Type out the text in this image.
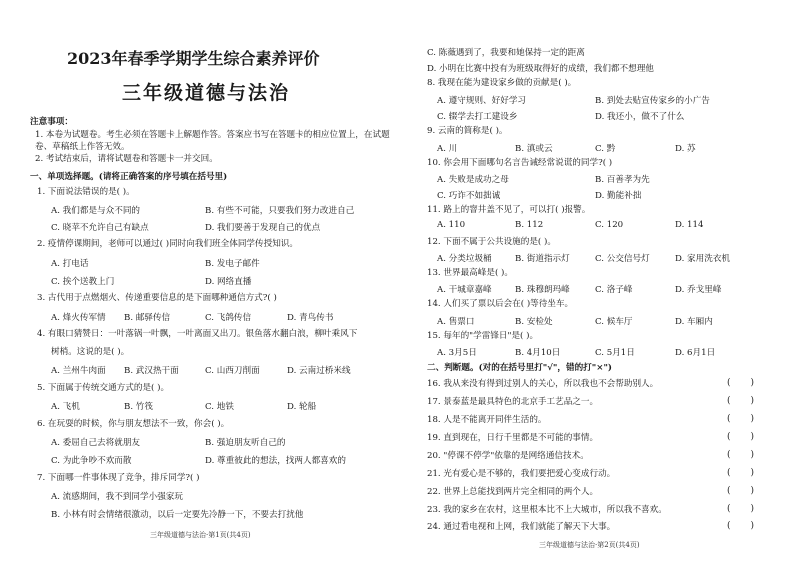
2023年春季学期学生综合素养评价
三年级道德与法治
注意事项：
1. 本卷为试题卷。考生必须在答题卡上解题作答。答案应书写在答题卡的相应位置上，在试题
卷、草稿纸上作答无效。
2. 考试结束后，请将试题卷和答题卡一并交回。
一、单项选择题。(请将正确答案的序号填在括号里)
1. 下面说法错误的是( )。
A. 我们都是与众不同的	B. 有些不可能，只要我们努力改进自己
C. 晓苹不允许自己有缺点	D. 我们要善于发现自己的优点
2. 疫情停课期间，老师可以通过( )同时向我们班全体同学传授知识。
A. 打电话	B. 发电子邮件
C. 挨个送教上门	D. 网络直播
3. 古代用于点燃烟火、传递重要信息的是下面哪种通信方式?( )
A. 烽火传军情 B. 邮驿传信	C. 飞鸽传信	D. 青鸟传书
4. 有眼口猜赞日：一叶落锅一叶飘，一叶离面又出刀。银鱼落水翻白浪，柳叶乘风下
树梢。这说的是( )。
A. 兰州牛肉面 B. 武汉热干面	C. 山西刀削面	D. 云南过桥米线
5. 下面属于传统交通方式的是( )。
A. 飞机	B. 竹筏	C. 地铁	D. 轮船
6. 在玩耍的时候，你与朋友想法不一致，你会( )。
A. 委屈自己去将就朋友	B. 强迫朋友听自己的
C. 为此争吵不欢而散	D. 尊重彼此的想法，找两人都喜欢的
7. 下面哪一件事体现了竞争，排斥同学?( )
A. 流感期间，我不到同学小强家玩
B. 小林有时会情绪很激动，以后一定要先冷静一下，不要去打扰他
三年级道德与法治·第1页(共4页)
C. 陈薇遇到了，我要和她保持一定的距离
D. 小明在比赛中投有为班级取得好的成绩，我们都不想理他
8. 我现在能为建设家乡做的贡献是( )。
A. 遵守规则、好好学习	B. 到处去贴宣传家乡的小广告
C. 辍学去打工建设乡	D. 我还小，做不了什么
9. 云南的简称是( )。
A. 川	B. 滇或云	C. 黔	D. 苏
10. 你会用下面哪句名言告诫经常说谎的同学?( )
A. 失败是成功之母	B. 百善孝为先
C. 巧诈不如拙诚	D. 勤能补拙
11. 路上的窨井盖不见了，可以打( )报警。
A. 110	B. 112	C. 120	D. 114
12. 下面不属于公共设施的是( )。
A. 分类垃圾桶	B. 街道指示灯	C. 公交信号灯	D. 家用洗衣机
13. 世界最高峰是( )。
A. 干城章嘉峰	B. 珠穆朗玛峰	C. 洛子峰	D. 乔戈里峰
14. 人们买了票以后会在( )等待坐车。
A. 售票口	B. 安检处	C. 候车厅	D. 车厢内
15. 每年的"学雷锋日"是( )。
A. 3月5日	B. 4月10日	C. 5月1日	D. 6月1日
二、判断题。(对的在括号里打"√"，错的打"×")
16. 我从来没有得到过别人的关心，所以我也不会帮助别人。	(       )
17. 景泰蓝是最具特色的北京手工艺品之一。	(       )
18. 人是不能离开同伴生活的。	(       )
19. 直到现在，日行千里都是不可能的事情。	(       )
20. "停课不停学"依靠的是网络通信技术。	(       )
21. 光有爱心是不够的，我们要把爱心变成行动。	(       )
22. 世界上总能找到两片完全相同的两个人。	(       )
23. 我的家乡在农村，这里根本比不上大城市，所以我不喜欢。	(       )
24. 通过看电视和上网，我们就能了解天下大事。	(       )
三年级道德与法治·第2页(共4页)
